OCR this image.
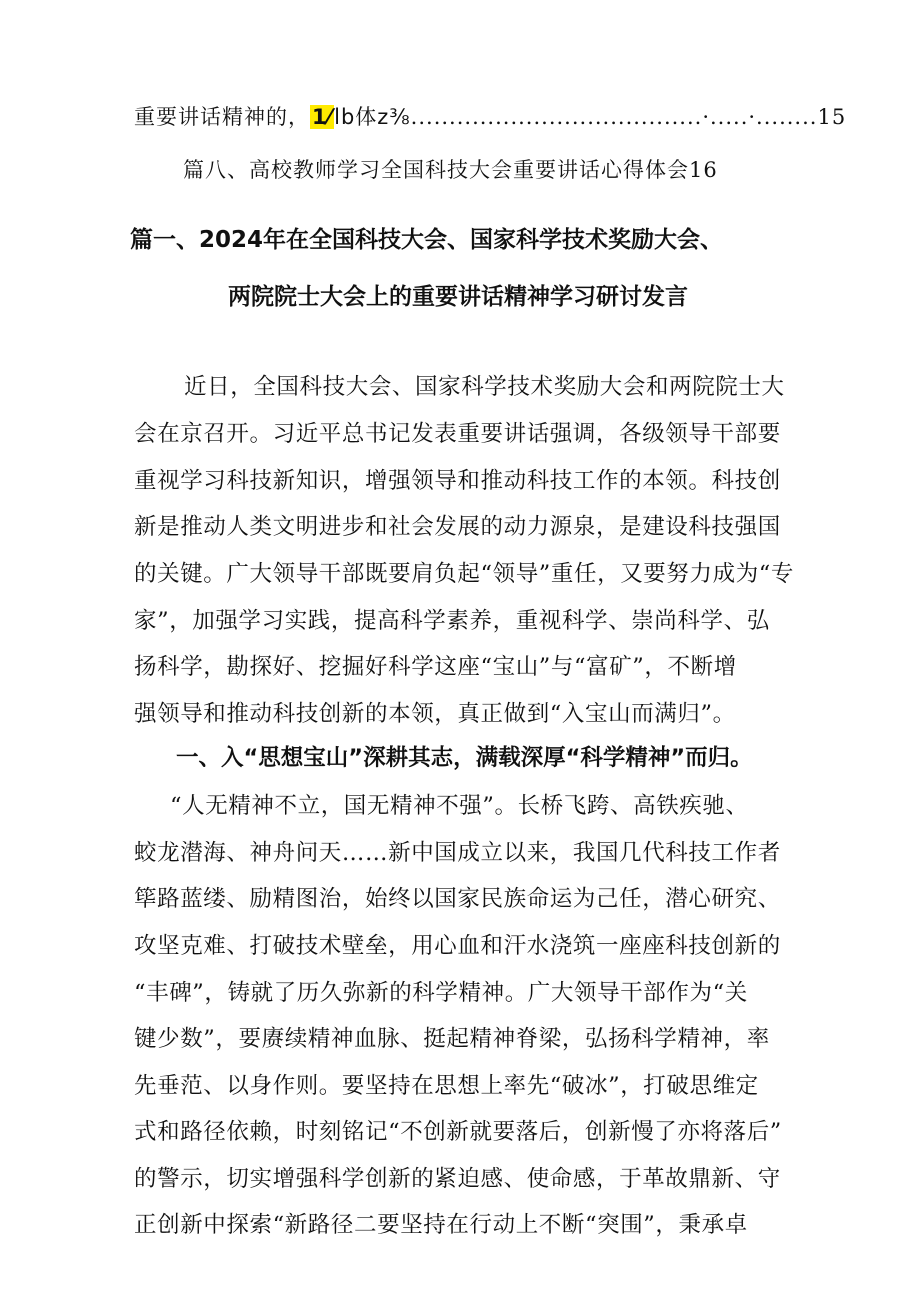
重要讲话精神的，1⁄lb体z⅜......................................·.....·........15
篇八、高校教师学习全国科技大会重要讲话心得体会16
篇一、2024年在全国科技大会、国家科学技术奖励大会、
两院院士大会上的重要讲话精神学习研讨发言
近日，全国科技大会、国家科学技术奖励大会和两院院士大
会在京召开。习近平总书记发表重要讲话强调，各级领导干部要
重视学习科技新知识，增强领导和推动科技工作的本领。科技创
新是推动人类文明进步和社会发展的动力源泉，是建设科技强国
的关键。广大领导干部既要肩负起“领导”重任，又要努力成为“专
家”，加强学习实践，提高科学素养，重视科学、崇尚科学、弘
扬科学，勘探好、挖掘好科学这座“宝山”与“富矿”，不断增
强领导和推动科技创新的本领，真正做到“入宝山而满归”。
一、入“思想宝山”深耕其志，满载深厚“科学精神”而归。
“人无精神不立，国无精神不强”。长桥飞跨、高铁疾驰、
蛟龙潜海、神舟问天……新中国成立以来，我国几代科技工作者
筚路蓝缕、励精图治，始终以国家民族命运为己任，潜心研究、
攻坚克难、打破技术壁垒，用心血和汗水浇筑一座座科技创新的
“丰碑”，铸就了历久弥新的科学精神。广大领导干部作为“关
键少数”，要赓续精神血脉、挺起精神脊梁，弘扬科学精神，率
先垂范、以身作则。要坚持在思想上率先“破冰”，打破思维定
式和路径依赖，时刻铭记“不创新就要落后，创新慢了亦将落后”
的警示，切实增强科学创新的紧迫感、使命感，于革故鼎新、守
正创新中探索“新路径二要坚持在行动上不断“突围”，秉承卓
